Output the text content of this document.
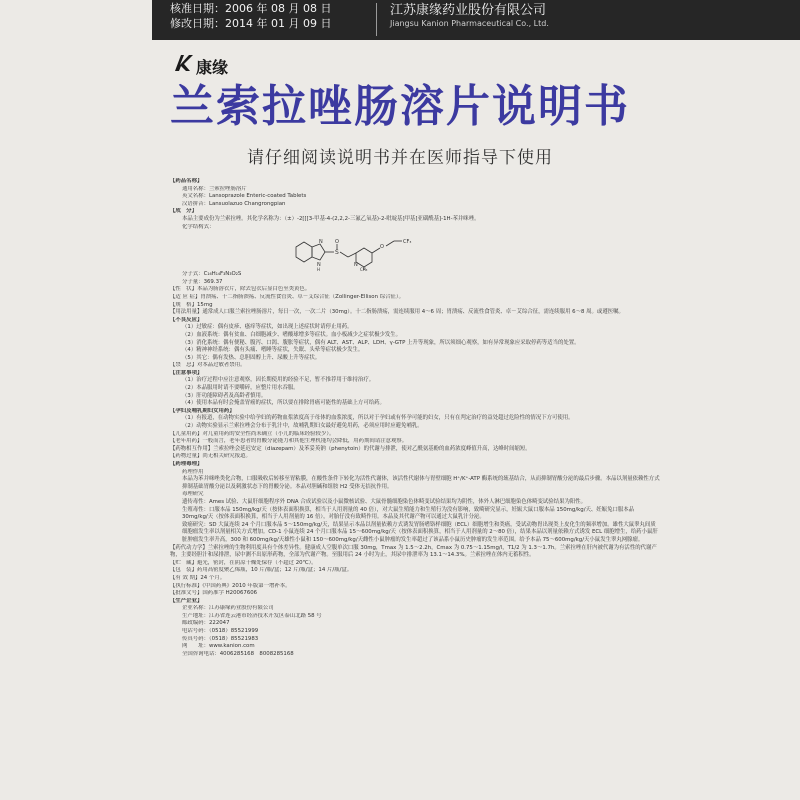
核准日期：2006 年 08 月 08 日
修改日期：2014 年 01 月 09 日
江苏康缘药业股份有限公司
Jiangsu Kanion Pharmaceutical Co., Ltd.
康缘
兰索拉唑肠溶片说明书
请仔细阅读说明书并在医师指导下使用
【药品名称】
通用名称：兰索拉唑肠溶片
英文名称：Lansoprazole Enteric-coated Tablets
汉语拼音：Lansuolazuo Changrongpian
【成　分】
本品主要成份为兰索拉唑。其化学名称为：（±）-2[[[3-甲基-4-(2,2,2-三氟乙氧基)-2-吡啶基]甲基]亚磺酰基]-1H-苯并咪唑。
化学结构式：
N
H
N
S
O
N
O
CF₃
CH₃
分子式：C₁₆H₁₄F₃N₃O₂S
分子量：369.37
【性　状】本品为肠溶衣片，除去包衣后显白色至类黄色。
【适 应 症】胃溃疡、十二指肠溃疡、反流性食管炎、卓－艾综合征（Zollinger-Ellison 综合征）。
【规　格】15mg
【用法用量】通常成人口服兰索拉唑肠溶片，每日一次，一次二片（30mg）。十二指肠溃疡，需连续服用 4～6 周；胃溃疡、反流性食管炎、卓－艾综合征，需连续服用 6～8 周。或遵医嘱。
【不良反应】
（1）过敏症：偶有皮疹、瘙痒等症状，如出现上述症状时请停止用药。
（2）血液系统：偶有贫血、白细胞减少、嗜酸球增多等症状。血小板减少之症状极少发生。
（3）消化系统：偶有便秘、腹泻、口渴、腹胀等症状，偶有 ALT、AST、ALP、LDH、γ-GTP 上升等现象，所以须细心观察，如有异常现象应采取停药等适当的处置。
（4）精神神经系统：偶有头痛、嗜睡等症状，失眠、头晕等症状极少发生。
（5）其它：偶有发热、总胆固醇上升、尿酸上升等症状。
【禁　忌】对本品过敏者禁用。
【注意事项】
（1）治疗过程中应注意观察，因长期使用的经验不足，暂不推荐用于维持治疗。
（2）本品服用时请不要嚼碎，应整片用水吞服。
（3）肝功能障碍者及高龄者慎用。
（4）使用本品有时会掩盖胃癌的症状，所以要在排除胃癌可能性的基础上方可给药。
【孕妇及哺乳期妇女用药】
（1）有报道，在动物实验中给孕妇的药物血浆浓度高于母体的血浆浓度，所以对于孕妇或有怀孕可能的妇女，只有在判定治疗的益处超过危险性的情况下方可使用。
（2）动物实验显示兰索拉唑会分布于乳汁中，故哺乳期妇女最好避免用药，必须应用时应避免哺乳。
【儿童用药】对儿童用药的安全性尚未确立（小儿的临床经验较少）。
【老年用药】一般而言，老年患者的胃酸分泌能力和其他生理机能均会降低，用药期间请注意观察。
【药物相互作用】兰索拉唑会延迟安定（diazepam）及苯妥英钠（phenytoin）的代谢与排泄，使对乙酰氨基酚的血药浓度峰值升高，达峰时间缩短。
【药物过量】尚无相关研究报道。
【药理毒理】
药理作用
本品为苯并咪唑类化合物，口服吸收后转移至胃粘膜，在酸性条件下转化为活性代谢体，该活性代谢体与胃壁细胞 H⁺/K⁺-ATP 酶系统的巯基结合，从而抑制胃酸分泌的最后步骤。本品以剂量依赖性方式抑制基础胃酸分泌以及刺激状态下的胃酸分泌。本品对胆碱和组胺 H2 受体无拮抗作用。
毒理研究
遗传毒性：Ames 试验、大鼠肝细胞程序外 DNA 合成试验以及小鼠微核试验、大鼠骨髓细胞染色体畸变试验结果均为阴性，体外人淋巴细胞染色体畸变试验结果为阳性。
生殖毒性：口服本品 150mg/kg/天（按体表面积换算，相当于人用剂量的 40 倍），对大鼠生殖能力和生殖行为没有影响，致畸研究显示，妊娠大鼠口服本品 150mg/kg/天、妊娠兔口服本品 30mg/kg/天（按体表面积换算，相当于人用剂量的 16 倍），对胎仔没有致畸作用。本品及其代谢产物可以通过大鼠乳汁分泌。
致癌研究：SD 大鼠连续 24 个月口服本品 5～150mg/kg/天，结果显示本品以剂量依赖方式诱发胃肠嗜铬样细胞（ECL）细胞增生和类癌，受试动物胃出现类上皮化生的频率增加。雄性大鼠睾丸间质细胞瘤发生率以剂量相关方式增加。CD-1 小鼠连续 24 个月口服本品 15～600mg/kg/天（按体表面积换算，相当于人用剂量的 2～80 倍），结果本品以剂量依赖方式诱发 ECL 细胞增生，给药小鼠肝脏肿瘤发生率升高，300 和 600mg/kg/天雄性小鼠和 150～600mg/kg/天雌性小鼠肿瘤的发生率超过了该品系小鼠历史肿瘤的发生率范围。给予本品 75～600mg/kg/天小鼠发生睾丸网腺瘤。
【药代动力学】兰索拉唑的生物利用度具有个体差异性。健康成人空腹单次口服 30mg，Tmax 为 1.5～2.2h，Cmax 为 0.75～1.15mg/l，T1/2 为 1.3～1.7h。兰索拉唑在肝内被代谢为有活性的代谢产物，主要经胆汁和尿排泄，尿中测不出原形药物，全部为代谢产物。至服用后 24 小时为止，其尿中排泄率为 13.1～14.3%。兰索拉唑在体内无蓄积性。
【贮　藏】避光，密封，在阴凉干燥处保存（不超过 20℃）。
【包　装】药用高密度聚乙烯瓶，10 片/瓶/盒；12 片/瓶/盒；14 片/瓶/盒。
【有 效 期】24 个月。
【执行标准】《中国药典》2010 年版第一增补本。
【批准文号】国药准字 H20067606
【生产企业】
企业名称：江苏康缘药业股份有限公司
生产地址：江苏省连云港市经济技术开发区泰山北路 58 号
邮政编码：222047
电话号码：（0518）85521999
传真号码：（0518）85521983
网　　址：www.kanion.com
全国咨询电话：4006285168　8008285168
